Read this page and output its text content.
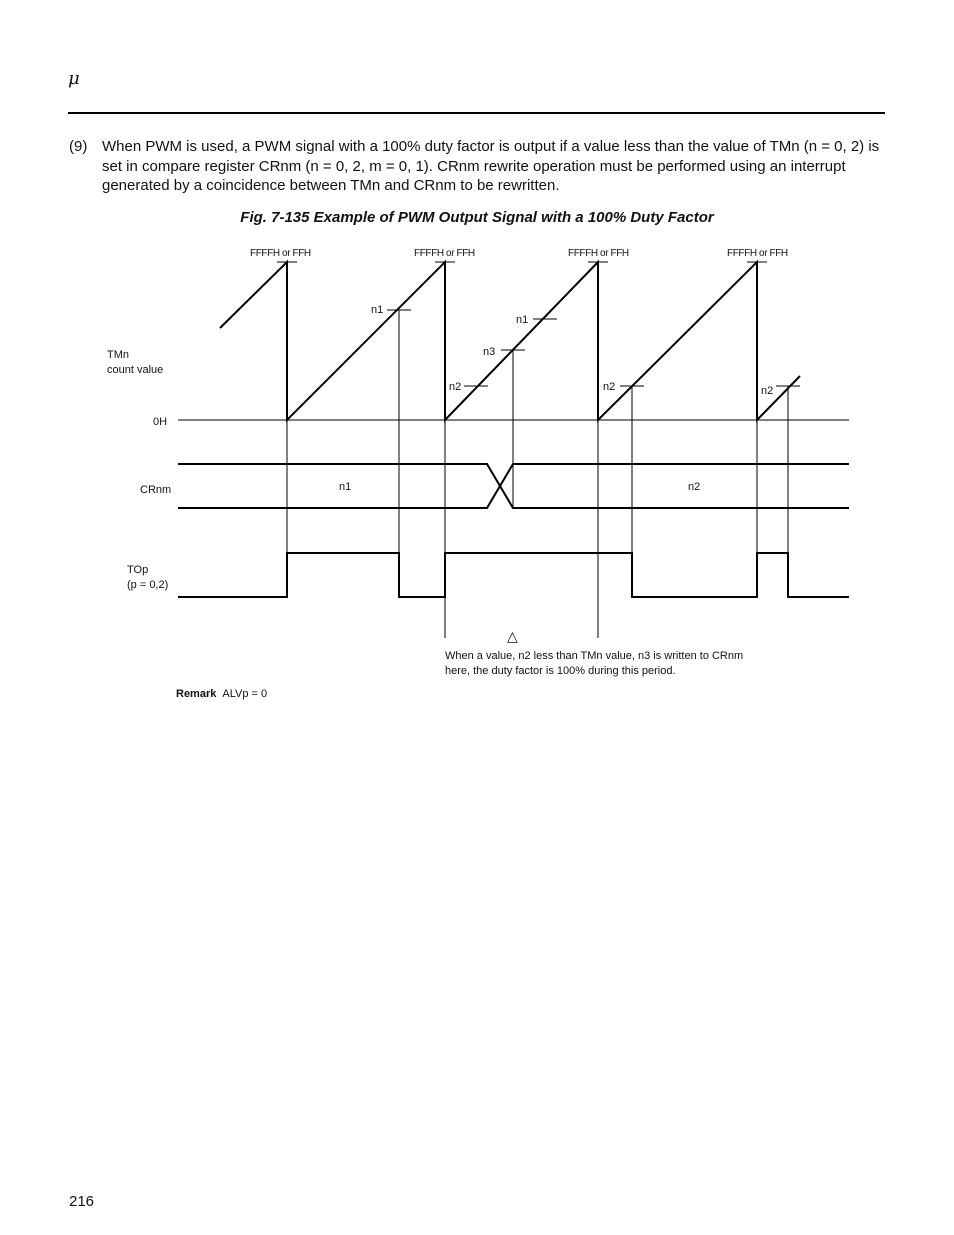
μ
(9) When PWM is used, a PWM signal with a 100% duty factor is output if a value less than the value of TMn (n = 0, 2) is set in compare register CRnm (n = 0, 2, m = 0, 1). CRnm rewrite operation must be performed using an interrupt generated by a coincidence between TMn and CRnm to be rewritten.
Fig. 7-135 Example of PWM Output Signal with a 100% Duty Factor
FFFFH or FFH	FFFFH or FFH	FFFFH or FFH	FFFFH or FFH
TMn
count value
0H
CRnm
TOp
(p = 0,2)
n1
n2
n3
n1
n2	n2
n1	n2
△
When a value, n2 less than TMn value, n3 is written to CRnm
here, the duty factor is 100% during this period.
Remark ALVp = 0
216
